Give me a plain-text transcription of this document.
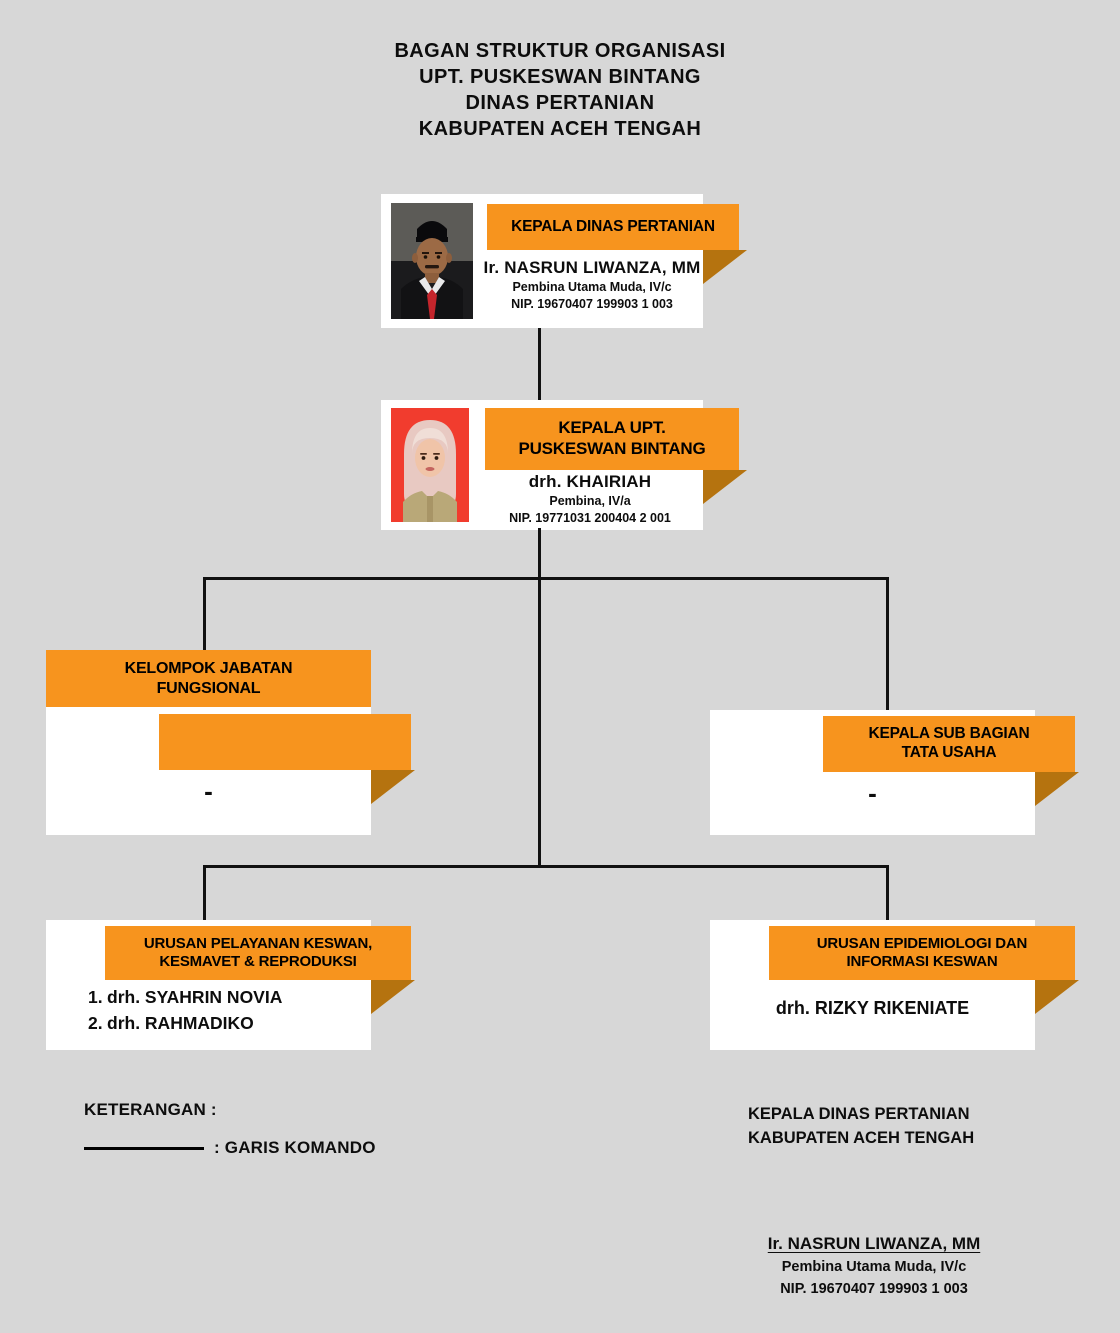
BAGAN STRUKTUR ORGANISASI
UPT. PUSKESWAN BINTANG
DINAS PERTANIAN
KABUPATEN ACEH TENGAH
KEPALA DINAS PERTANIAN
Ir. NASRUN LIWANZA, MM
Pembina Utama Muda, IV/c
NIP. 19670407 199903 1 003
KEPALA UPT.
PUSKESWAN BINTANG
drh. KHAIRIAH
Pembina, IV/a
NIP. 19771031 200404 2 001
KELOMPOK JABATAN
FUNGSIONAL
-
KEPALA SUB BAGIAN
TATA USAHA
-
URUSAN PELAYANAN KESWAN,
KESMAVET & REPRODUKSI
1. drh. SYAHRIN NOVIA
2. drh. RAHMADIKO
URUSAN EPIDEMIOLOGI DAN
INFORMASI KESWAN
drh. RIZKY RIKENIATE
KETERANGAN :
: GARIS KOMANDO
KEPALA DINAS PERTANIAN
KABUPATEN ACEH TENGAH
Ir. NASRUN LIWANZA, MM
Pembina Utama Muda, IV/c
NIP. 19670407 199903 1 003
